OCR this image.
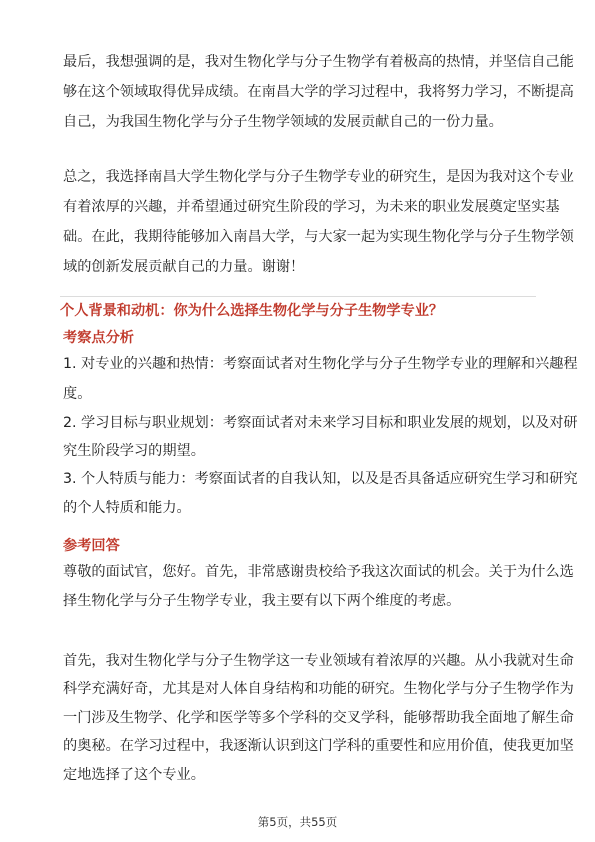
最后，我想强调的是，我对生物化学与分子生物学有着极高的热情，并坚信自己能

够在这个领域取得优异成绩。在南昌大学的学习过程中，我将努力学习，不断提高

自己，为我国生物化学与分子生物学领域的发展贡献自己的一份力量。

总之，我选择南昌大学生物化学与分子生物学专业的研究生，是因为我对这个专业

有着浓厚的兴趣，并希望通过研究生阶段的学习，为未来的职业发展奠定坚实基

础。在此，我期待能够加入南昌大学，与大家一起为实现生物化学与分子生物学领

域的创新发展贡献自己的力量。谢谢！

个人背景和动机：你为什么选择生物化学与分子生物学专业？
考察点分析

1. 对专业的兴趣和热情：考察面试者对生物化学与分子生物学专业的理解和兴趣程

度。

2. 学习目标与职业规划：考察面试者对未来学习目标和职业发展的规划，以及对研

究生阶段学习的期望。

3. 个人特质与能力：考察面试者的自我认知，以及是否具备适应研究生学习和研究

的个人特质和能力。

参考回答

尊敬的面试官，您好。首先，非常感谢贵校给予我这次面试的机会。关于为什么选

择生物化学与分子生物学专业，我主要有以下两个维度的考虑。

首先，我对生物化学与分子生物学这一专业领域有着浓厚的兴趣。从小我就对生命

科学充满好奇，尤其是对人体自身结构和功能的研究。生物化学与分子生物学作为

一门涉及生物学、化学和医学等多个学科的交叉学科，能够帮助我全面地了解生命

的奥秘。在学习过程中，我逐渐认识到这门学科的重要性和应用价值，使我更加坚

定地选择了这个专业。

第5页，共55页
